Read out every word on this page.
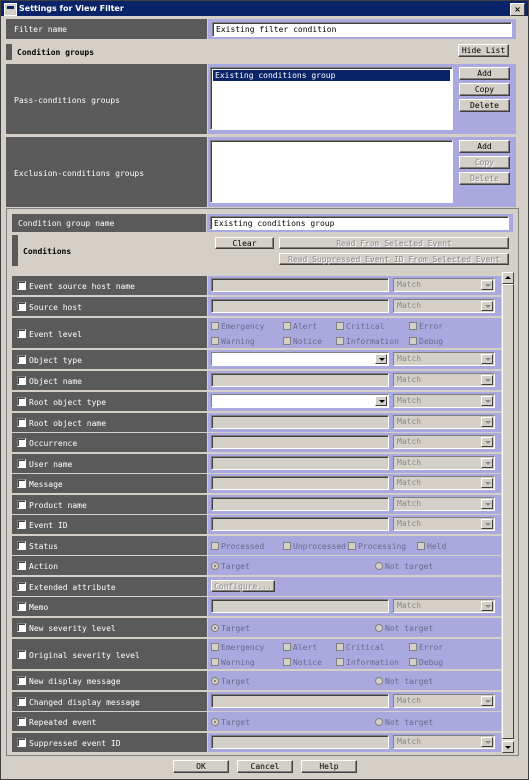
Settings for View Filter	×
Filter name	Existing filter condition
Condition groups	Hide List
Pass-conditions groups
Existing conditions group	Add
Copy
Delete
Exclusion-conditions groups
Add
Copy
Delete
Condition group name	Existing conditions group
Conditions
Clear	Read From Selected Event
Read Suppressed Event ID From Selected Event
Event source host name	Match
Source host	Match
Event level
Emergency	Alert	Critical	Error
Warning	Notice	Information	Debug
Object type	Match
Object name	Match
Root object type	Match
Root object name	Match
Occurrence	Match
User name	Match
Message	Match
Product name	Match
Event ID	Match
Status	Processed	Unprocessed	Processing	Held
Action	Target	Not target
Extended attribute	Configure...
Memo	Match
New severity level	Target	Not target
Original severity level
Emergency	Alert	Critical	Error
Warning	Notice	Information	Debug
New display message	Target	Not target
Changed display message	Match
Repeated event	Target	Not target
Suppressed event ID	Match
OK	Cancel	Help
